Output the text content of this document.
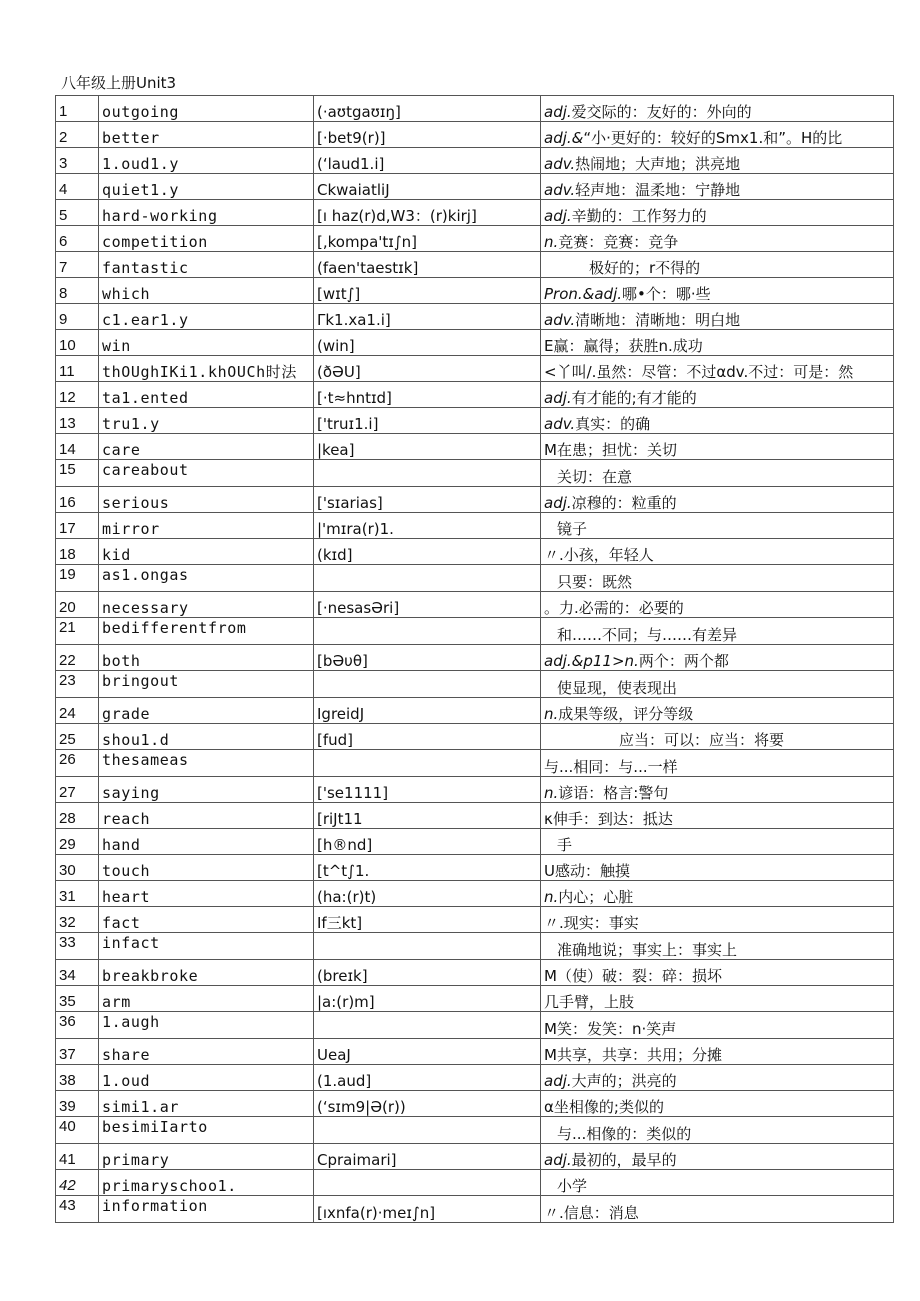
八年级上册Unit3
1	outgoing	(·aʊtgaʊɪŋ]	adj.爱交际的：友好的：外向的
2	better	[·bet9(r)]	adj.&“小·更好的：较好的Smx1.和”。H的比
3	1.oud1.y	(‘laud1.i]	adv.热闹地；大声地；洪亮地
4	quiet1.y	CkwaiatliJ	adv.轻声地：温柔地：宁静地
5	hard-working	[ı haz(r)d,W3：(r)kirj]	adj.辛勤的：工作努力的
6	competition	[,kompa'tɪ∫n]	n.竞赛：竞赛：竞争
7	fantastic	(faen'taestɪk]	极好的；r不得的
8	which	[wɪt∫]	Pron.&adj.哪•个：哪·些
9	c1.ear1.y	Γk1.xa1.i]	adv.清晰地：清晰地：明白地
10	win	(win]	E赢：赢得；获胜n.成功
11	thOUghIKi1.khOUCh时法	(ðƏU]	<丫叫/.虽然：尽管：不过αdv.不过：可是：然
12	ta1.ented	[·t≈hntɪd]	adj.有才能的;有才能的
13	tru1.y	['truɪ1.i]	adv.真实：的确
14	care	|kea]	M在患；担忧：关切
15	careabout		关切：在意
16	serious	['sɪarias]	adj.凉穆的：粒重的
17	mirror	|'mɪra(r)1.	镜子
18	kid	(kɪd]	〃.小孩，年轻人
19	as1.ongas		只要：既然
20	necessary	[·nesasƏri]	。力.必需的：必要的
21	bedifferentfrom		和……不同；与……有差异
22	both	[bƏυθ]	adj.&p11>n.两个：两个都
23	bringout		使显现，使表现出
24	grade	IgreidJ	n.成果等级，评分等级
25	shou1.d	[fud]	应当：可以：应当：将要
26	thesameas		与...相同：与...一样
27	saying	['se1111]	n.谚语：格言:警句
28	reach	[riJt11	κ伸手：到达：抵达
29	hand	[h®nd]	手
30	touch	[t^t∫1.	U感动：触摸
31	heart	(ha:(r)t)	n.内心；心脏
32	fact	If三kt]	〃.现实：事实
33	infact		准确地说；事实上：事实上
34	breakbroke	(breɪk]	M（使）破：裂：碎：损坏
35	arm	|a:(r)m]	几手臂，上肢
36	1.augh		M笑：发笑：n·笑声
37	share	UeaJ	M共享，共享：共用；分摊
38	1.oud	(1.aud]	adj.大声的；洪亮的
39	simi1.ar	(‘sɪm9|Ə(r))	α坐相像的;类似的
40	besimiIarto		与...相像的：类似的
41	primary	Cpraimari]	adj.最初的，最早的
42	primaryschoo1.		小学
43	information	[ıxnfa(r)·meɪ∫n]	〃.信息：消息
